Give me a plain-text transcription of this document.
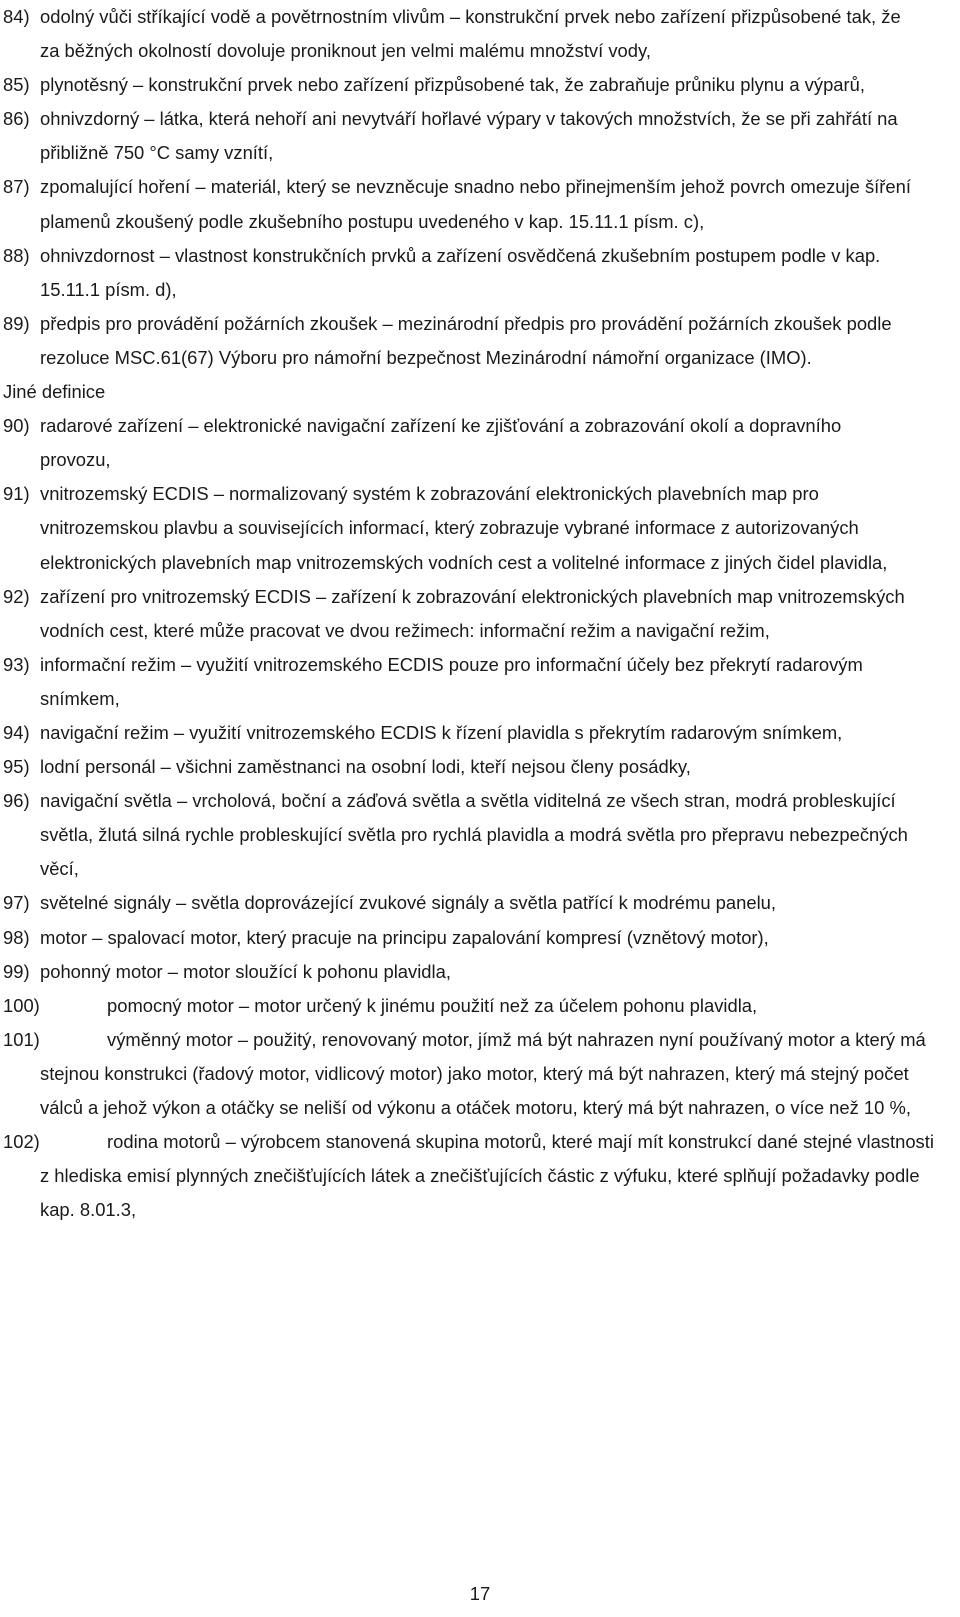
84) odolný vůči stříkající vodě a povětrnostním vlivům – konstrukční prvek nebo zařízení přizpůsobené tak, že za běžných okolností dovoluje proniknout jen velmi malému množství vody,
85) plynotěsný – konstrukční prvek nebo zařízení přizpůsobené tak, že zabraňuje průniku plynu a výparů,
86) ohnivzdorný – látka, která nehoří ani nevytváří hořlavé výpary v takových množstvích, že se při zahřátí na přibližně 750 °C samy vznítí,
87) zpomalující hoření – materiál, který se nevzněcuje snadno nebo přinejmenším jehož povrch omezuje šíření plamenů zkoušený podle zkušebního postupu uvedeného v kap. 15.11.1 písm. c),
88) ohnivzdornost – vlastnost konstrukčních prvků a zařízení osvědčená zkušebním postupem podle v kap. 15.11.1 písm. d),
89) předpis pro provádění požárních zkoušek – mezinárodní předpis pro provádění požárních zkoušek podle rezoluce MSC.61(67) Výboru pro námořní bezpečnost Mezinárodní námořní organizace (IMO).
Jiné definice
90) radarové zařízení – elektronické navigační zařízení ke zjišťování a zobrazování okolí a dopravního provozu,
91) vnitrozemský ECDIS – normalizovaný systém k zobrazování elektronických plavebních map pro vnitrozemskou plavbu a souvisejících informací, který zobrazuje vybrané informace z autorizovaných elektronických plavebních map vnitrozemských vodních cest a volitelné informace z jiných čidel plavidla,
92) zařízení pro vnitrozemský ECDIS – zařízení k zobrazování elektronických plavebních map vnitrozemských vodních cest, které může pracovat ve dvou režimech: informační režim a navigační režim,
93) informační režim – využití vnitrozemského ECDIS pouze pro informační účely bez překrytí radarovým snímkem,
94) navigační režim – využití vnitrozemského ECDIS k řízení plavidla s překrytím radarovým snímkem,
95) lodní personál – všichni zaměstnanci na osobní lodi, kteří nejsou členy posádky,
96) navigační světla – vrcholová, boční a záďová světla a světla viditelná ze všech stran, modrá probleskující světla, žlutá silná rychle probleskující světla pro rychlá plavidla a modrá světla pro přepravu nebezpečných věcí,
97) světelné signály – světla doprovázející zvukové signály a světla patřící k modrému panelu,
98) motor – spalovací motor, který pracuje na principu zapalování kompresí (vznětový motor),
99) pohonný motor – motor sloužící k pohonu plavidla,
100)	pomocný motor – motor určený k jinému použití než za účelem pohonu plavidla,
101)	výměnný motor – použitý, renovovaný motor, jímž má být nahrazen nyní používaný motor a který má stejnou konstrukci (řadový motor, vidlicový motor) jako motor, který má být nahrazen, který má stejný počet válců a jehož výkon a otáčky se neliší od výkonu a otáček motoru, který má být nahrazen, o více než 10 %,
102)	rodina motorů – výrobcem stanovená skupina motorů, které mají mít konstrukcí dané stejné vlastnosti z hlediska emisí plynných znečišťujících látek a znečišťujících částic z výfuku, které splňují požadavky podle kap. 8.01.3,
17
